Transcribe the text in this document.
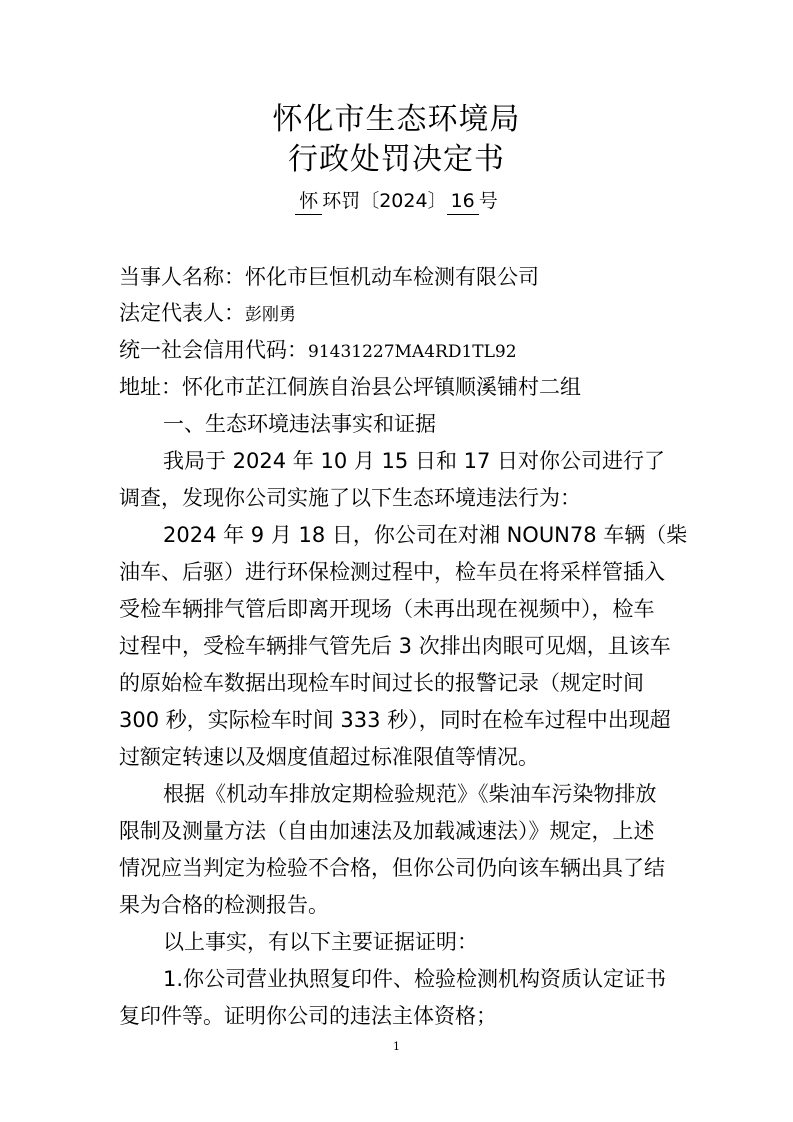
怀化市生态环境局
行政处罚决定书
怀 环罚〔2024〕 16 号
当事人名称：怀化市巨恒机动车检测有限公司
法定代表人：彭刚勇
统一社会信用代码：91431227MA4RD1TL92
地址：怀化市芷江侗族自治县公坪镇顺溪铺村二组
一、生态环境违法事实和证据
我局于 2024 年 10 月 15 日和 17 日对你公司进行了
调查，发现你公司实施了以下生态环境违法行为：
2024 年 9 月 18 日，你公司在对湘 NOUN78 车辆（柴
油车、后驱）进行环保检测过程中，检车员在将采样管插入
受检车辆排气管后即离开现场（未再出现在视频中），检车
过程中，受检车辆排气管先后 3 次排出肉眼可见烟，且该车
的原始检车数据出现检车时间过长的报警记录（规定时间
300 秒，实际检车时间 333 秒），同时在检车过程中出现超
过额定转速以及烟度值超过标准限值等情况。
根据《机动车排放定期检验规范》《柴油车污染物排放
限制及测量方法（自由加速法及加载减速法）》规定，上述
情况应当判定为检验不合格，但你公司仍向该车辆出具了结
果为合格的检测报告。
以上事实，有以下主要证据证明：
1.你公司营业执照复印件、检验检测机构资质认定证书
复印件等。证明你公司的违法主体资格；
1
